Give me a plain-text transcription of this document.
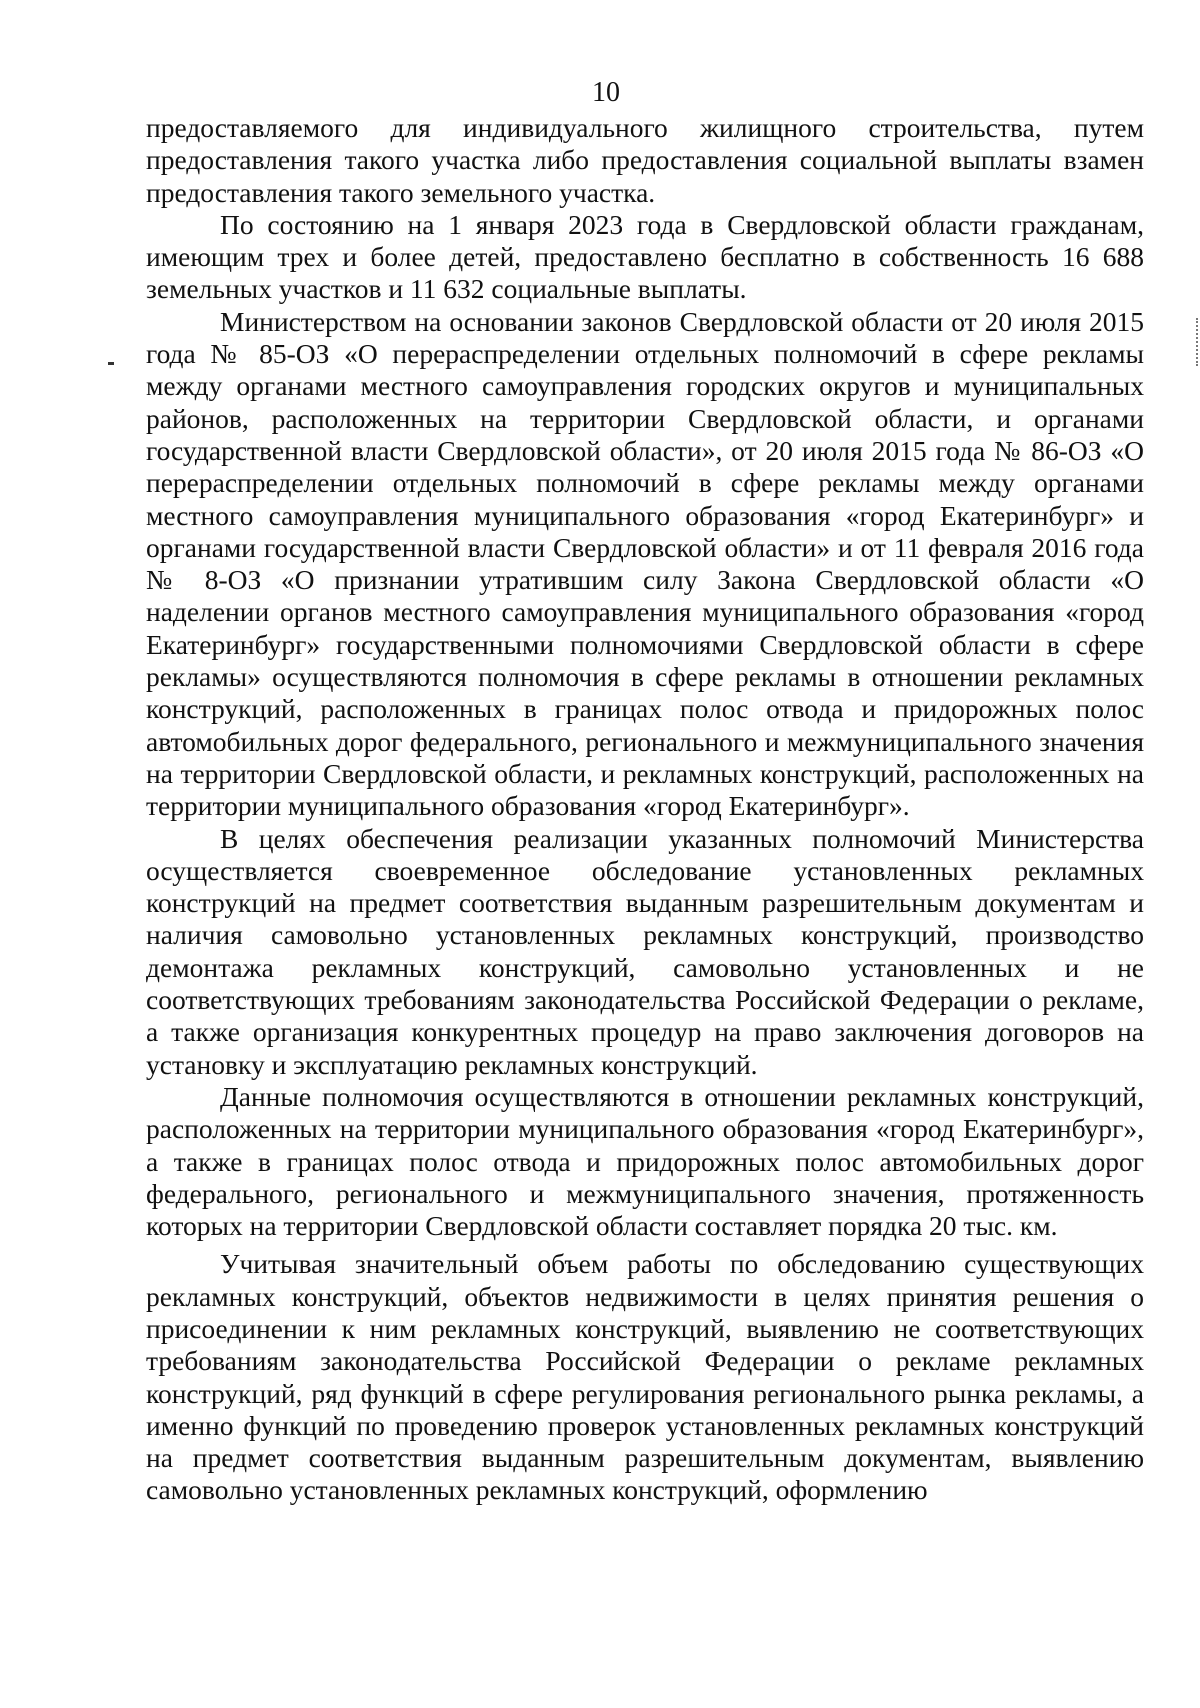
10

предоставляемого для индивидуального жилищного строительства, путем предоставления такого участка либо предоставления социальной выплаты взамен предоставления такого земельного участка.

По состоянию на 1 января 2023 года в Свердловской области гражданам, имеющим трех и более детей, предоставлено бесплатно в собственность 16 688 земельных участков и 11 632 социальные выплаты.

Министерством на основании законов Свердловской области от 20 июля 2015 года № 85-ОЗ «О перераспределении отдельных полномочий в сфере рекламы между органами местного самоуправления городских округов и муниципальных районов, расположенных на территории Свердловской области, и органами государственной власти Свердловской области», от 20 июля 2015 года № 86-ОЗ «О перераспределении отдельных полномочий в сфере рекламы между органами местного самоуправления муниципального образования «город Екатеринбург» и органами государственной власти Свердловской области» и от 11 февраля 2016 года № 8-ОЗ «О признании утратившим силу Закона Свердловской области «О наделении органов местного самоуправления муниципального образования «город Екатеринбург» государственными полномочиями Свердловской области в сфере рекламы» осуществляются полномочия в сфере рекламы в отношении рекламных конструкций, расположенных в границах полос отвода и придорожных полос автомобильных дорог федерального, регионального и межмуниципального значения на территории Свердловской области, и рекламных конструкций, расположенных на территории муниципального образования «город Екатеринбург».

В целях обеспечения реализации указанных полномочий Министерства осуществляется своевременное обследование установленных рекламных конструкций на предмет соответствия выданным разрешительным документам и наличия самовольно установленных рекламных конструкций, производство демонтажа рекламных конструкций, самовольно установленных и не соответствующих требованиям законодательства Российской Федерации о рекламе, а также организация конкурентных процедур на право заключения договоров на установку и эксплуатацию рекламных конструкций.

Данные полномочия осуществляются в отношении рекламных конструкций, расположенных на территории муниципального образования «город Екатеринбург», а также в границах полос отвода и придорожных полос автомобильных дорог федерального, регионального и межмуниципального значения, протяженность которых на территории Свердловской области составляет порядка 20 тыс. км.

Учитывая значительный объем работы по обследованию существующих рекламных конструкций, объектов недвижимости в целях принятия решения о присоединении к ним рекламных конструкций, выявлению не соответствующих требованиям законодательства Российской Федерации о рекламе рекламных конструкций, ряд функций в сфере регулирования регионального рынка рекламы, а именно функций по проведению проверок установленных рекламных конструкций на предмет соответствия выданным разрешительным документам, выявлению самовольно установленных рекламных конструкций, оформлению
